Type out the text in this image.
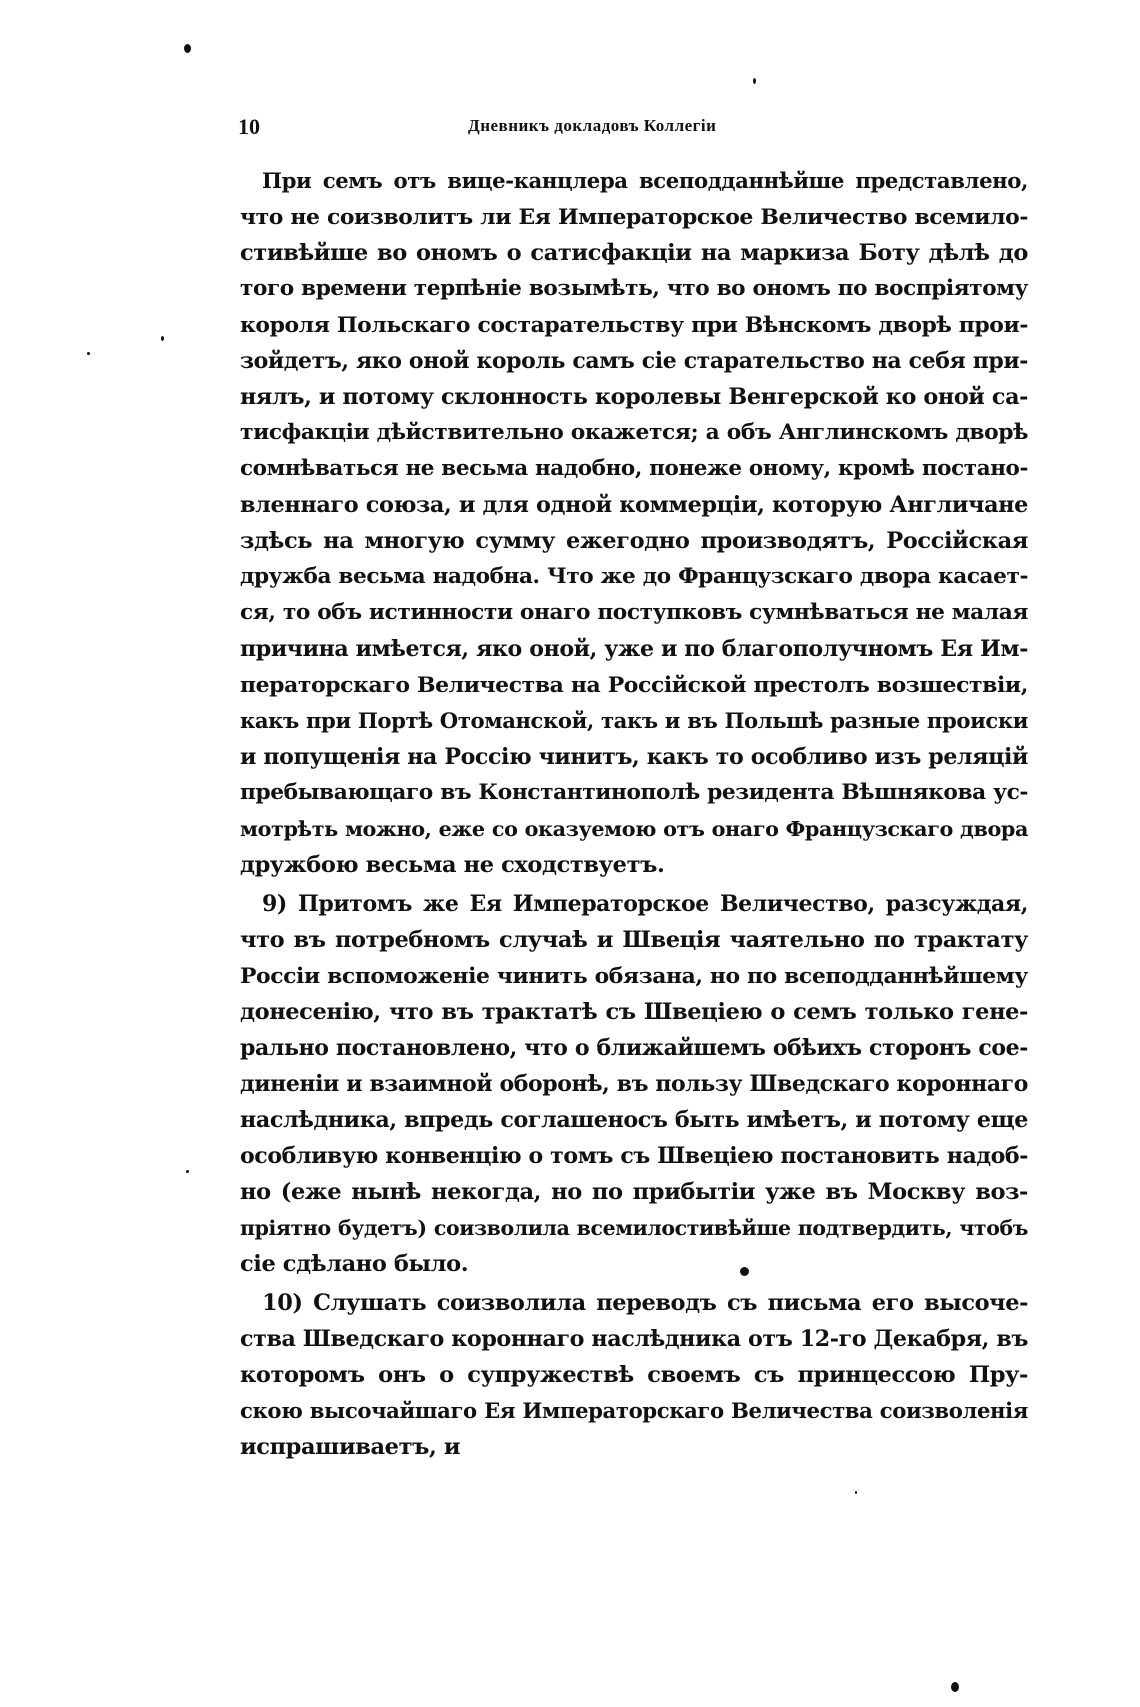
10	Дневникъ докладовъ Коллегіи
При семъ отъ вице-канцлера всеподданнѣйше представлено,
что не соизволитъ ли Ея Императорское Величество всемило-
стивѣйше во ономъ о сатисфакціи на маркиза Боту дѣлѣ до
того времени терпѣніе возымѣть, что во ономъ по воспріятому
короля Польскаго состарательству при Вѣнскомъ дворѣ прои-
зойдетъ, яко оной король самъ сіе старательство на себя при-
нялъ, и потому склонность королевы Венгерской ко оной са-
тисфакціи дѣйствительно окажется; а объ Англинскомъ дворѣ
сомнѣваться не весьма надобно, понеже оному, кромѣ постано-
вленнаго союза, и для одной коммерціи, которую Англичане
здѣсь на многую сумму ежегодно производятъ, Россійская
дружба весьма надобна. Что же до Французскаго двора касает-
ся, то объ истинности онаго поступковъ сумнѣваться не малая
причина имѣется, яко оной, уже и по благополучномъ Ея Им-
ператорскаго Величества на Россійской престолъ возшествіи,
какъ при Портѣ Отоманской, такъ и въ Польшѣ разные происки
и попущенія на Россію чинитъ, какъ то особливо изъ реляцій
пребывающаго въ Константинополѣ резидента Вѣшнякова ус-
мотрѣть можно, еже со оказуемою отъ онаго Французскаго двора
дружбою весьма не сходствуетъ.
9) Притомъ же Ея Императорское Величество, разсуждая,
что въ потребномъ случаѣ и Швеція чаятельно по трактату
Россіи вспоможеніе чинить обязана, но по всеподданнѣйшему
донесенію, что въ трактатѣ съ Швеціею о семъ только гене-
рально постановлено, что о ближайшемъ обѣихъ сторонъ сое-
диненіи и взаимной оборонѣ, въ пользу Шведскаго короннаго
наслѣдника, впредь соглашеносъ быть имѣетъ, и потому еще
особливую конвенцію о томъ съ Швеціею постановить надоб-
но (еже нынѣ некогда, но по прибытіи уже въ Москву воз-
пріятно будетъ) соизволила всемилостивѣйше подтвердить, чтобъ
сіе сдѣлано было.
10) Слушать соизволила переводъ съ письма его высоче-
ства Шведскаго короннаго наслѣдника отъ 12-го Декабря, въ
которомъ онъ о супружествѣ своемъ съ принцессою Пру-
скою высочайшаго Ея Императорскаго Величества соизволенія
испрашиваетъ, и
